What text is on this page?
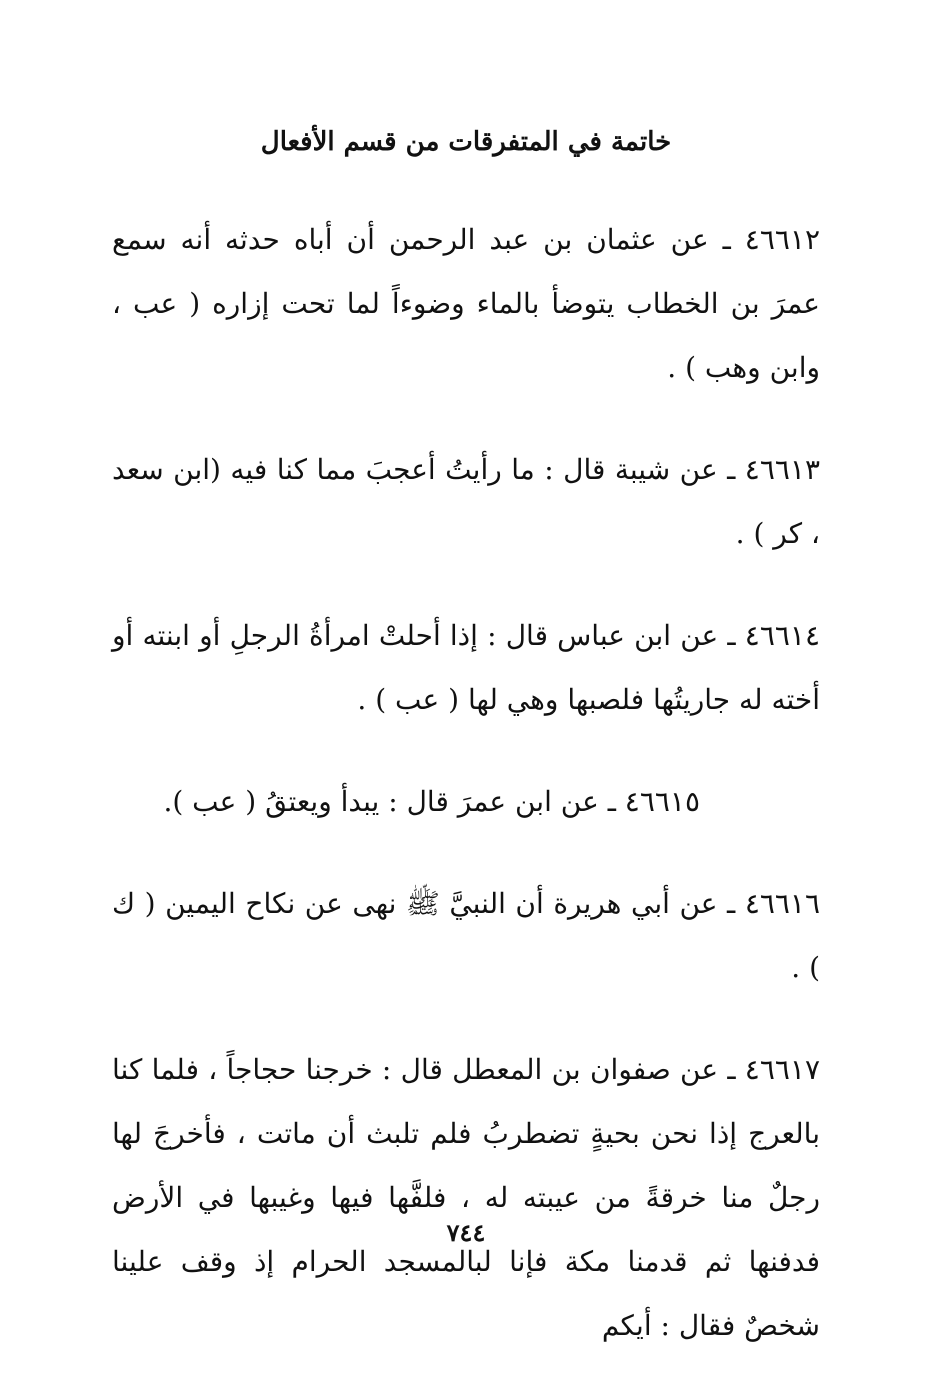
خاتمة في المتفرقات من قسم الأفعال

٤٦٦١٢ ـ عن عثمان بن عبد الرحمن أن أباه حدثه أنه سمع عمرَ بن الخطاب يتوضأ بالماء وضوءاً لما تحت إزاره ( عب ، وابن وهب ) .

٤٦٦١٣ ـ عن شيبة قال : ما رأيتُ أعجبَ مما كنا فيه (ابن سعد ، كر ) .

٤٦٦١٤ ـ عن ابن عباس قال : إذا أحلتْ امرأةُ الرجلِ أو ابنته أو أخته له جاريتُها فلصبها وهي لها ( عب ) .

٤٦٦١٥ ـ عن ابن عمرَ قال : يبدأ ويعتقُ ( عب ).

٤٦٦١٦ ـ عن أبي هريرة أن النبيَّ ﷺ نهى عن نكاح اليمين ( ك ) .

٤٦٦١٧ ـ عن صفوان بن المعطل قال : خرجنا حجاجاً ، فلما كنا بالعرج إذا نحن بحيةٍ تضطربُ فلم تلبث أن ماتت ، فأخرجَ لها رجلٌ منا خرقةً من عيبته له ، فلفَّها فيها وغيبها في الأرض فدفنها ثم قدمنا مكة فإنا لبالمسجد الحرام إذ وقف علينا شخصٌ فقال : أيكم

٧٤٤
